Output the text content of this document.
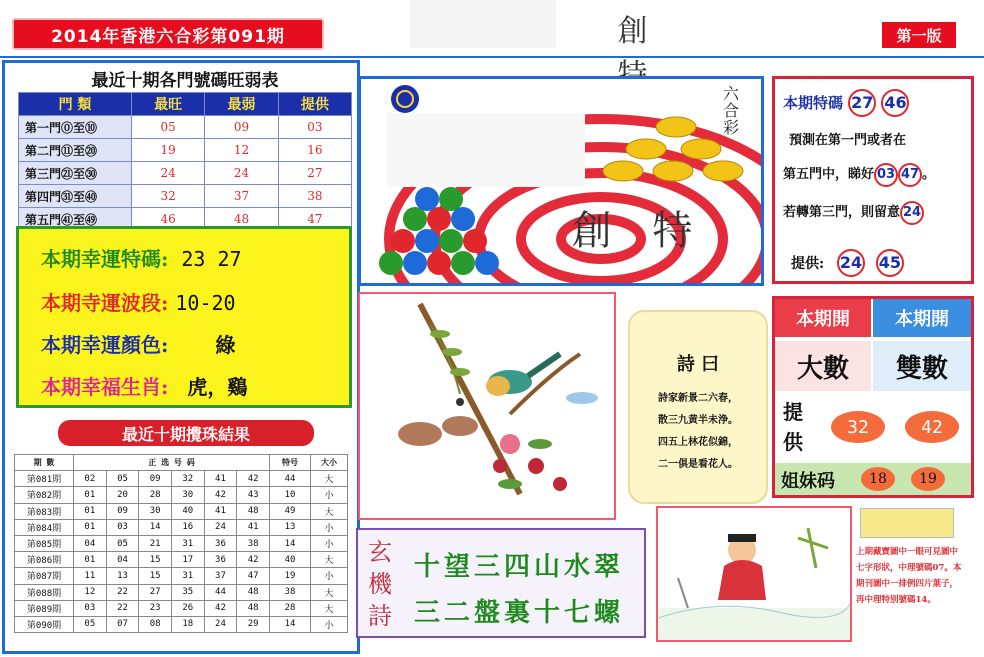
2014年香港六合彩第091期	創	第一版
最近十期各門號碼旺弱表
門 類	最旺	最弱	提供
第一門⓪至⑩	05	09	03
第二門⑪至⑳	19	12	16
第三門㉑至㉚	24	24	27
第四門㉛至㊵	32	37	38
第五門㊶至㊾	46	48	47
本期幸運特碼: 23 27
本期寺運波段: 10-20
本期幸運顏色: 綠
本期幸福生肖: 虎，鷄
最近十期攪珠結果
期 數	正 选 号 码						特号	大小
第081期	02	05	09	32	41	42	44	大
第082期	01	20	28	30	42	43	10	小
第083期	01	09	30	40	41	48	49	大
第084期	01	03	14	16	24	41	13	小
第085期	04	05	21	31	36	38	14	小
第086期	01	04	15	17	36	42	40	大
第087期	11	13	15	31	37	47	19	小
第088期	12	22	27	35	44	48	38	大
第089期	03	22	23	26	42	48	28	大
第090期	05	07	08	18	24	29	14	小
六合彩
創 特
本期特碼 27 46
預測在第一門或者在
第五門中，睇好 03 47 。
若轉第三門，則留意 24
提供: 24 45
詩 曰
詩家新景二六春，
散三九黄半未浄。
四五上林花似錦，
二一俱是看花人。
本期開	本期開
大數	雙數
提
供
32	42
姐妹码	18	19
玄機詩
十望三四山水翠
三二盤裏十七螺
上期藏寶圖中一眼可見圖中
七字形狀，中理號碼07。本
期刊圖中一排例四片葉子，
再中理特别號碼14。
